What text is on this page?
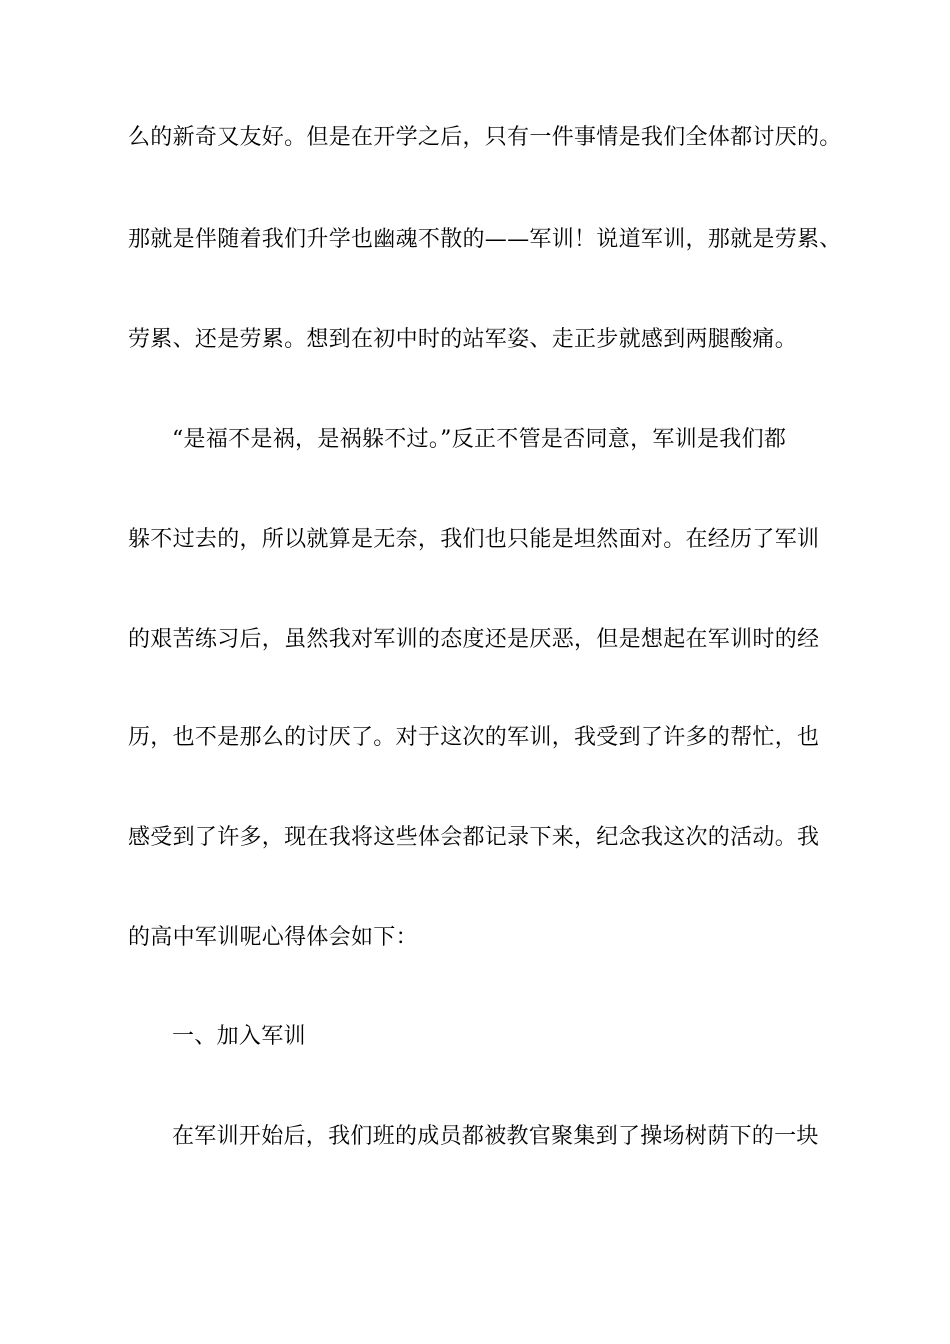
么的新奇又友好。但是在开学之后，只有一件事情是我们全体都讨厌的。
那就是伴随着我们升学也幽魂不散的——军训！说道军训，那就是劳累、
劳累、还是劳累。想到在初中时的站军姿、走正步就感到两腿酸痛。
“是福不是祸，是祸躲不过。”反正不管是否同意，军训是我们都
躲不过去的，所以就算是无奈，我们也只能是坦然面对。在经历了军训
的艰苦练习后，虽然我对军训的态度还是厌恶，但是想起在军训时的经
历，也不是那么的讨厌了。对于这次的军训，我受到了许多的帮忙，也
感受到了许多，现在我将这些体会都记录下来，纪念我这次的活动。我
的高中军训呢心得体会如下：
一、加入军训
在军训开始后，我们班的成员都被教官聚集到了操场树荫下的一块
